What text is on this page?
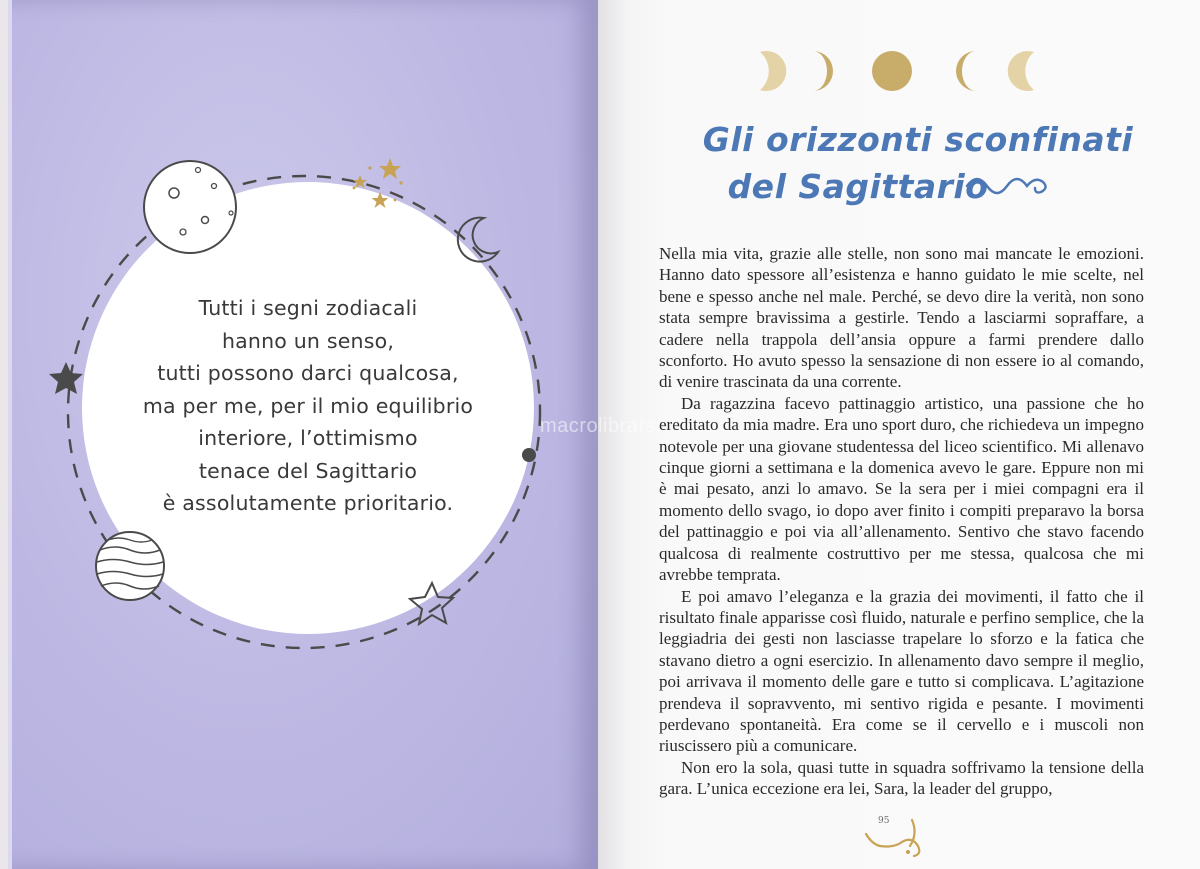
Tutti i segni zodiacali
hanno un senso,
tutti possono darci qualcosa,
ma per me, per il mio equilibrio
interiore, l’ottimismo
tenace del Sagittario
è assolutamente prioritario.
Gli orizzonti sconfinati
del Sagittario

Nella mia vita, grazie alle stelle, non sono mai mancate le emozioni. Hanno dato spessore all’esistenza e hanno guidato le mie scelte, nel bene e spesso anche nel male. Perché, se devo dire la verità, non sono stata sempre bravissima a gestirle. Tendo a lasciarmi sopraffare, a cadere nella trappola dell’ansia oppure a farmi prendere dallo sconforto. Ho avuto spesso la sensazione di non essere io al comando, di venire trascinata da una corrente.

Da ragazzina facevo pattinaggio artistico, una passione che ho ereditato da mia madre. Era uno sport duro, che richiedeva un impegno notevole per una giovane studentessa del liceo scientifico. Mi allenavo cinque giorni a settimana e la domenica avevo le gare. Eppure non mi è mai pesato, anzi lo amavo. Se la sera per i miei compagni era il momento dello svago, io dopo aver finito i compiti preparavo la borsa del pattinaggio e poi via all’allenamento. Sentivo che stavo facendo qualcosa di realmente costruttivo per me stessa, qualcosa che mi avrebbe temprata.

E poi amavo l’eleganza e la grazia dei movimenti, il fatto che il risultato finale apparisse così fluido, naturale e perfino semplice, che la leggiadria dei gesti non lasciasse trapelare lo sforzo e la fatica che stavano dietro a ogni esercizio. In allenamento davo sempre il meglio, poi arrivava il momento delle gare e tutto si complicava. L’agitazione prendeva il sopravvento, mi sentivo rigida e pesante. I movimenti perdevano spontaneità. Era come se il cervello e i muscoli non riuscissero più a comunicare.

Non ero la sola, quasi tutte in squadra soffrivamo la tensione della gara. L’unica eccezione era lei, Sara, la leader del gruppo,

95
macrolibrarsi
